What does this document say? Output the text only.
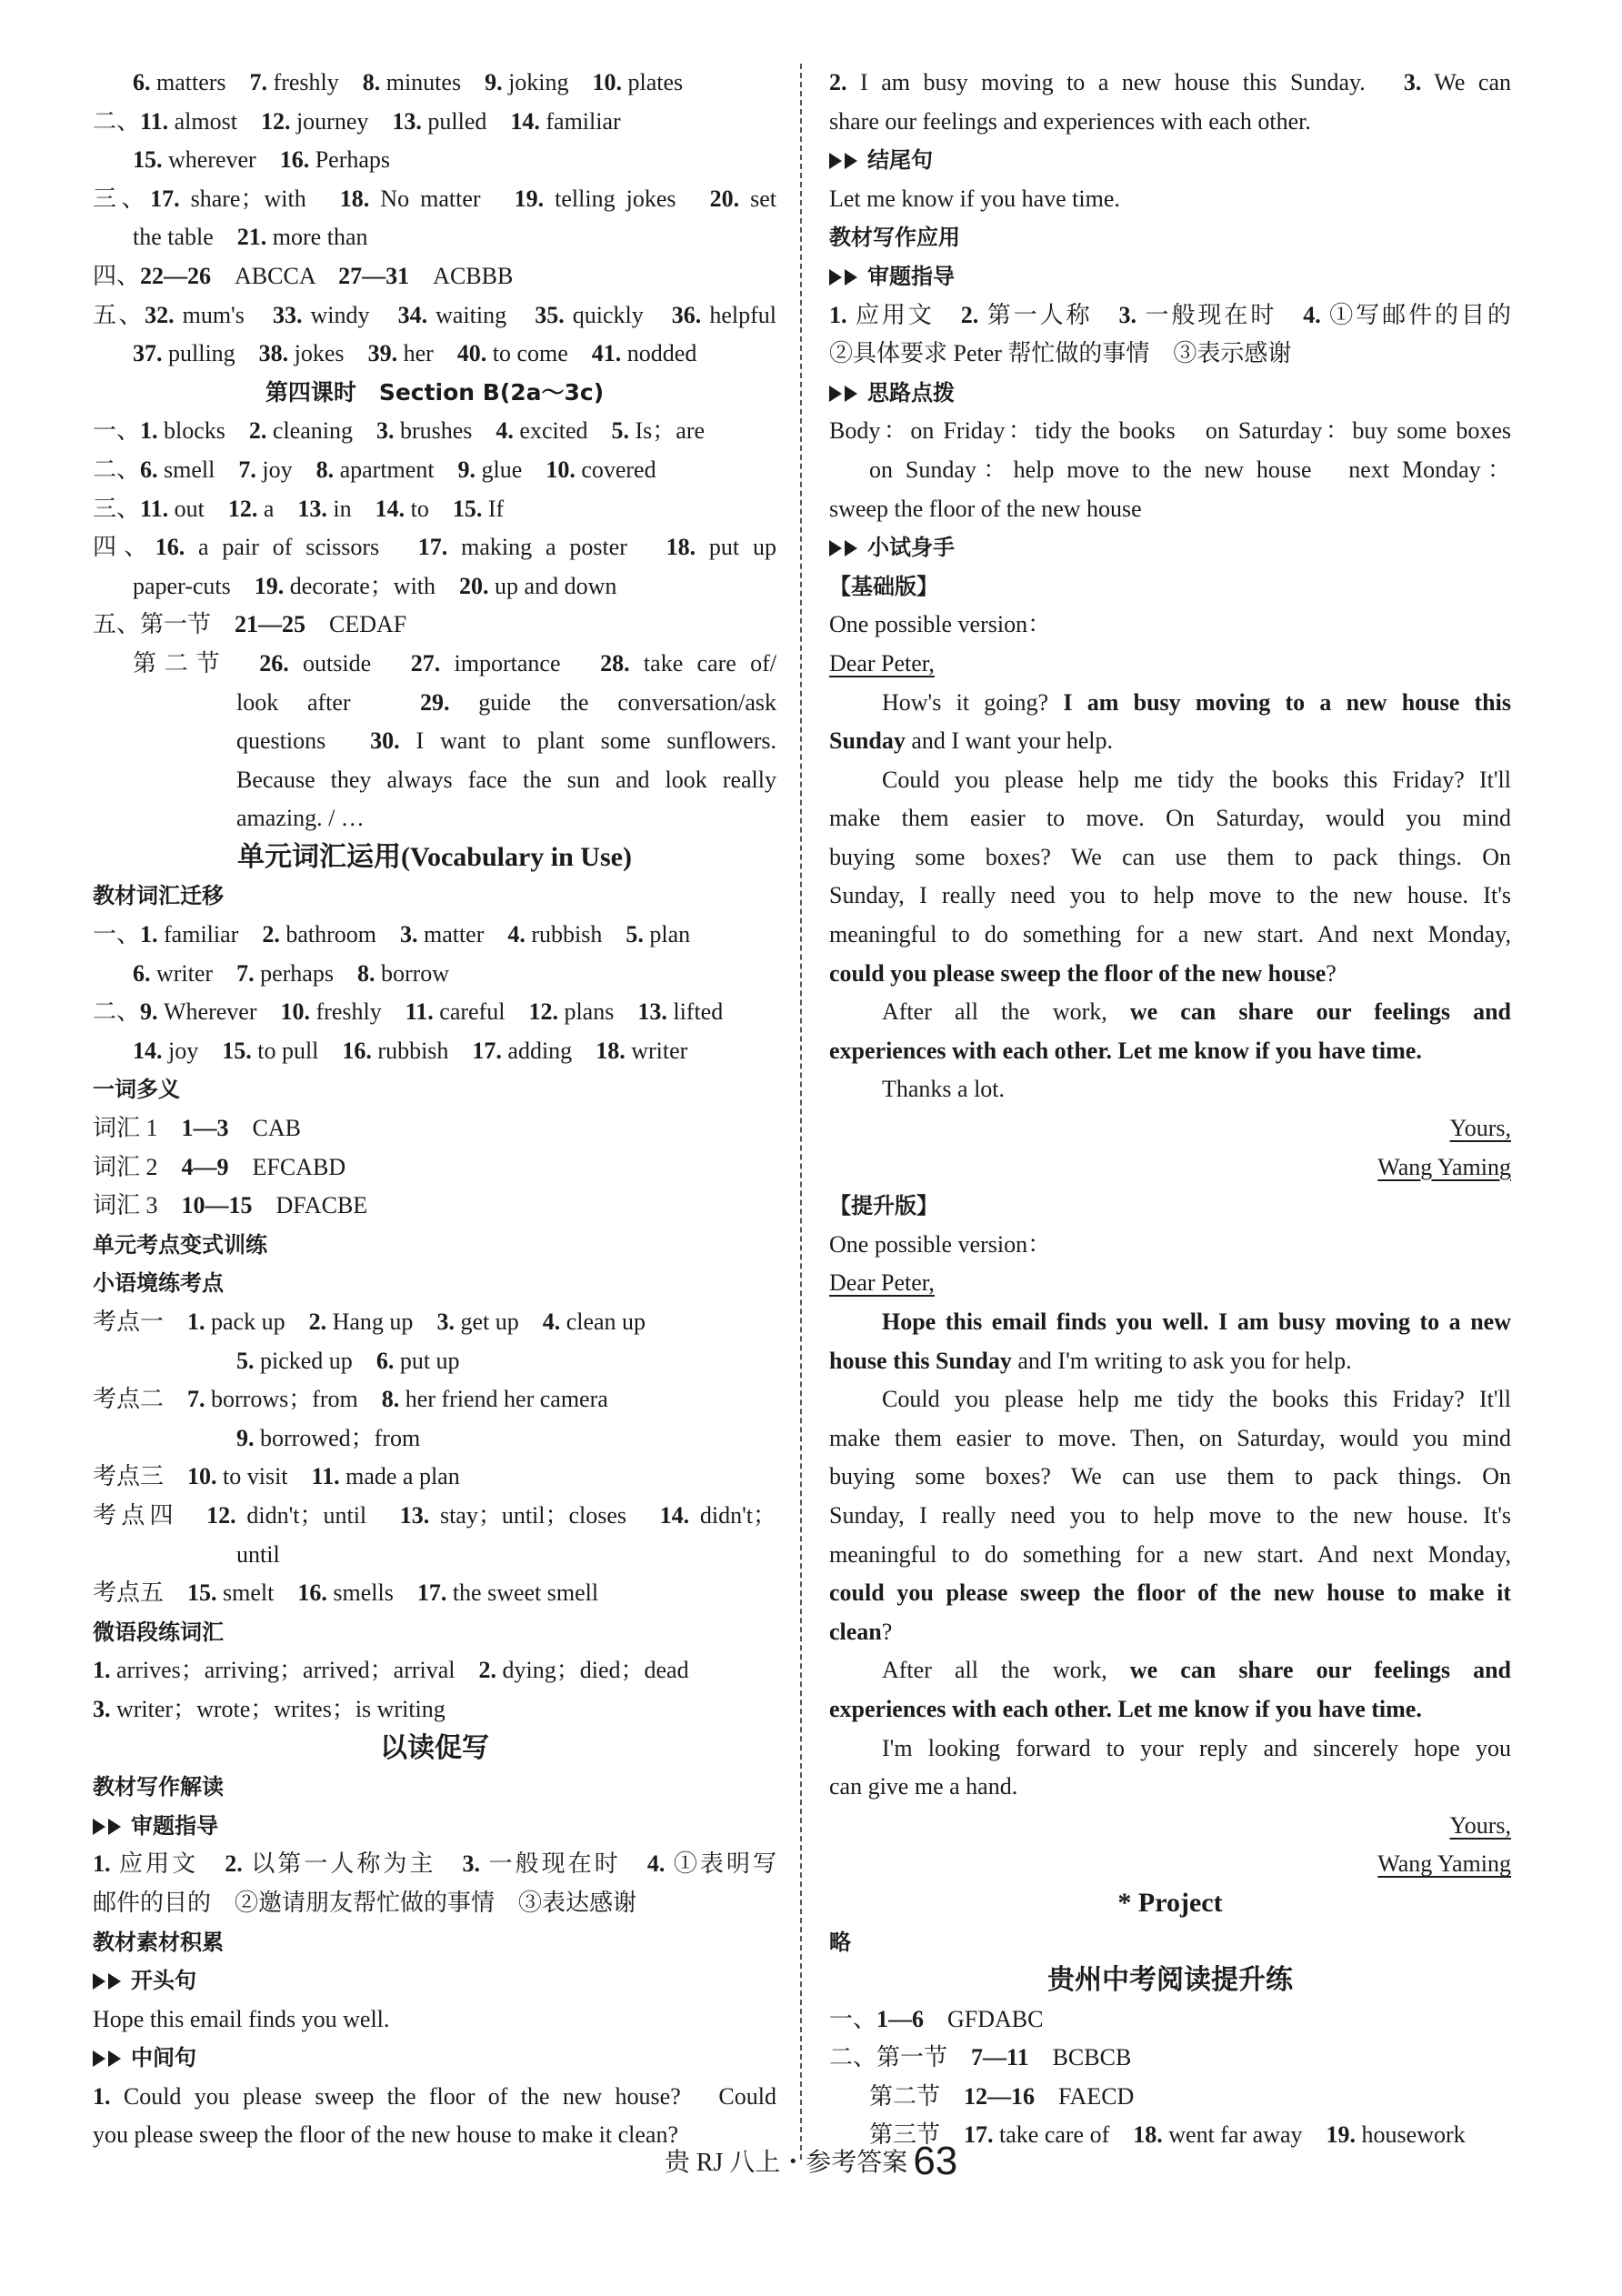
6. matters　7. freshly　8. minutes　9. joking　10. plates
二、11. almost　12. journey　13. pulled　14. familiar
15. wherever　16. Perhaps
三、17. share；with　18. No matter　19. telling jokes　20. set
the table　21. more than
四、22—26　ABCCA　27—31　ACBBB
五、32. mum's　33. windy　34. waiting　35. quickly　36. helpful
37. pulling　38. jokes　39. her　40. to come　41. nodded
第四课时　Section B(2a～3c)
一、1. blocks　2. cleaning　3. brushes　4. excited　5. Is；are
二、6. smell　7. joy　8. apartment　9. glue　10. covered
三、11. out　12. a　13. in　14. to　15. If
四、16. a pair of scissors　17. making a poster　18. put up
paper-cuts　19. decorate；with　20. up and down
五、第一节　21—25　CEDAF
第二节　26. outside　27. importance　28. take care of/
look after　29. guide the conversation/ask
questions　30. I want to plant some sunflowers.
Because they always face the sun and look really
amazing. / …
单元词汇运用(Vocabulary in Use)
教材词汇迁移
一、1. familiar　2. bathroom　3. matter　4. rubbish　5. plan
6. writer　7. perhaps　8. borrow
二、9. Wherever　10. freshly　11. careful　12. plans　13. lifted
14. joy　15. to pull　16. rubbish　17. adding　18. writer
一词多义
词汇 1　1—3　CAB
词汇 2　4—9　EFCABD
词汇 3　10—15　DFACBE
单元考点变式训练
小语境练考点
考点一　1. pack up　2. Hang up　3. get up　4. clean up
5. picked up　6. put up
考点二　7. borrows；from　8. her friend her camera
9. borrowed；from
考点三　10. to visit　11. made a plan
考点四　12. didn't；until　13. stay；until；closes　14. didn't；
until
考点五　15. smelt　16. smells　17. the sweet smell
微语段练词汇
1. arrives；arriving；arrived；arrival　2. dying；died；dead
3. writer；wrote；writes；is writing
以读促写
教材写作解读
审题指导
1. 应用文　2. 以第一人称为主　3. 一般现在时　4. ①表明写
邮件的目的　②邀请朋友帮忙做的事情　③表达感谢
教材素材积累
开头句
Hope this email finds you well.
中间句
1. Could you please sweep the floor of the new house?　Could
you please sweep the floor of the new house to make it clean?
2. I am busy moving to a new house this Sunday.　3. We can
share our feelings and experiences with each other.
结尾句
Let me know if you have time.
教材写作应用
审题指导
1. 应用文　2. 第一人称　3. 一般现在时　4. ①写邮件的目的
②具体要求 Peter 帮忙做的事情　③表示感谢
思路点拨
Body：on Friday：tidy the books　on Saturday：buy some boxes
on Sunday：help move to the new house　next Monday：
sweep the floor of the new house
小试身手
【基础版】
One possible version：
Dear Peter,
How's it going? I am busy moving to a new house this
Sunday and I want your help.
Could you please help me tidy the books this Friday? It'll
make them easier to move. On Saturday, would you mind
buying some boxes? We can use them to pack things. On
Sunday, I really need you to help move to the new house. It's
meaningful to do something for a new start. And next Monday,
could you please sweep the floor of the new house?
After all the work, we can share our feelings and
experiences with each other. Let me know if you have time.
Thanks a lot.
Yours,
Wang Yaming
【提升版】
One possible version：
Dear Peter,
Hope this email finds you well. I am busy moving to a new
house this Sunday and I'm writing to ask you for help.
Could you please help me tidy the books this Friday? It'll
make them easier to move. Then, on Saturday, would you mind
buying some boxes? We can use them to pack things. On
Sunday, I really need you to help move to the new house. It's
meaningful to do something for a new start. And next Monday,
could you please sweep the floor of the new house to make it
clean?
After all the work, we can share our feelings and
experiences with each other. Let me know if you have time.
I'm looking forward to your reply and sincerely hope you
can give me a hand.
Yours,
Wang Yaming
* Project
略
贵州中考阅读提升练
一、1—6　GFDABC
二、第一节　7—11　BCBCB
第二节　12—16　FAECD
第三节　17. take care of　18. went far away　19. housework
贵 RJ 八上・参考答案 63
